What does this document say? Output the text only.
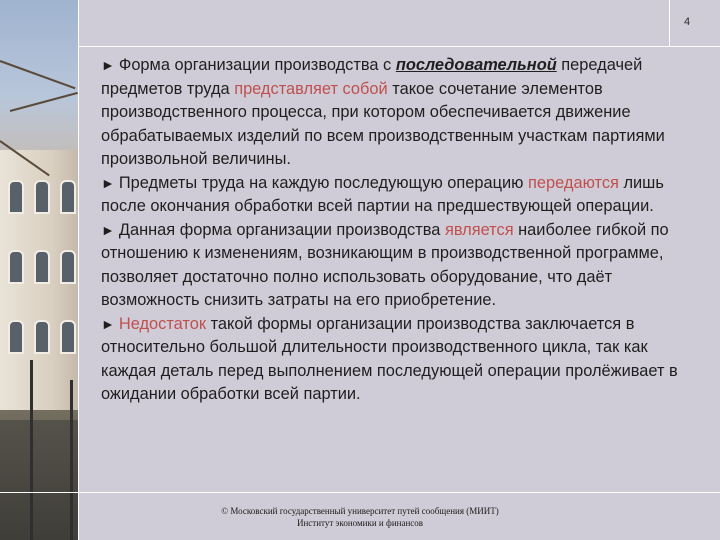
4

► Форма организации производства с последовательной передачей предметов труда представляет собой такое сочетание элементов производственного процесса, при котором обеспечивается движение обрабатываемых изделий по всем производственным участкам партиями произвольной величины.

► Предметы труда на каждую последующую операцию передаются лишь после окончания обработки всей партии на предшествующей операции.

► Данная форма организации производства является наиболее гибкой по отношению к изменениям, возникающим в производственной программе, позволяет достаточно полно использовать оборудование, что даёт возможность снизить затраты на его приобретение.

► Недостаток такой формы организации производства заключается в относительно большой длительности производственного цикла, так как каждая деталь перед выполнением последующей операции пролёживает в ожидании обработки всей партии.

© Московский государственный университет путей сообщения (МИИТ)
Институт экономики и финансов
